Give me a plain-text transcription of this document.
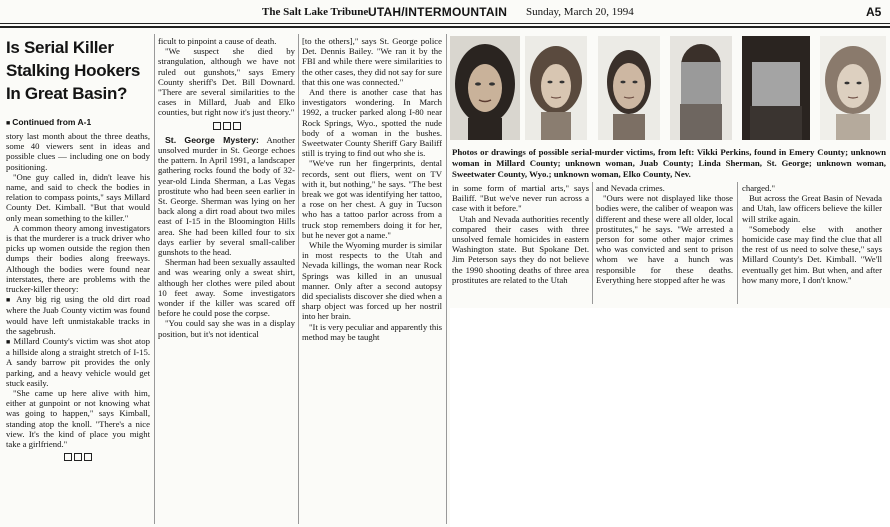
The Salt Lake Tribune UTAH/INTERMOUNTAIN Sunday, March 20, 1994	A5
Is Serial Killer Stalking Hookers In Great Basin?
■ Continued from A-1

story last month about the three deaths, some 40 viewers sent in ideas and possible clues — including one on body positioning.

"One guy called in, didn't leave his name, and said to check the bodies in relation to compass points," says Millard County Det. Kimball. "But that would only mean something to the killer."

A common theory among investigators is that the murderer is a truck driver who picks up women outside the region then dumps their bodies along freeways. Although the bodies were found near interstates, there are problems with the trucker-killer theory:

■ Any big rig using the old dirt road where the Juab County victim was found would have left unmistakable tracks in the sagebrush.

■ Millard County's victim was shot atop a hillside along a straight stretch of I-15. A sandy barrow pit provides the only parking, and a heavy vehicle would get stuck easily.

"She came up here alive with him, either at gunpoint or not knowing what was going to happen," says Kimball, standing atop the knoll. "There's a nice view. It's the kind of place you might take a girlfriend."

ficult to pinpoint a cause of death.

"We suspect she died by strangulation, although we have not ruled out gunshots," says Emery County sheriff's Det. Bill Downard. "There are several similarities to the cases in Millard, Juab and Elko counties, but right now it's just theory."

St. George Mystery: Another unsolved murder in St. George echoes the pattern. In April 1991, a landscaper gathering rocks found the body of 32-year-old Linda Sherman, a Las Vegas prostitute who had been seen earlier in St. George. Sherman was lying on her back along a dirt road about two miles east of I-15 in the Bloomington Hills area. She had been killed four to six days earlier by several small-caliber gunshots to the head.

Sherman had been sexually assaulted and was wearing only a sweat shirt, although her clothes were piled about 10 feet away. Some investigators wonder if the killer was scared off before he could pose the corpse.

"You could say she was in a display position, but it's not identical

[to the others]," says St. George police Det. Dennis Bailey. "We ran it by the FBI and while there were similarities to the other cases, they did not say for sure that this one was connected."

And there is another case that has investigators wondering. In March 1992, a trucker parked along I-80 near Rock Springs, Wyo., spotted the nude body of a woman in the bushes. Sweetwater County Sheriff Gary Bailiff still is trying to find out who she is.

"We've run her fingerprints, dental records, sent out fliers, went on TV with it, but nothing," he says. "The best break we got was identifying her tattoo, a rose on her chest. A guy in Tucson who has a tattoo parlor across from a truck stop remembers doing it for her, but he never got a name."

While the Wyoming murder is similar in most respects to the Utah and Nevada killings, the woman near Rock Springs was killed in an unusual manner. Only after a second autopsy did specialists discover she died when a sharp object was forced up her nostril into her brain.

"It is very peculiar and apparently this method may be taught

Photos or drawings of possible serial-murder victims, from left: Vikki Perkins, found in Emery County; unknown woman in Millard County; unknown woman, Juab County; Linda Sherman, St. George; unknown woman, Sweetwater County, Wyo.; unknown woman, Elko County, Nev.

in some form of martial arts," says Bailiff. "But we've never run across a case with it before."

Utah and Nevada authorities recently compared their cases with three unsolved female homicides in eastern Washington state. But Spokane Det. Jim Peterson says they do not believe the 1990 shooting deaths of three area prostitutes are related to the Utah

and Nevada crimes.

"Ours were not displayed like those bodies were, the caliber of weapon was different and these were all older, local prostitutes," he says. "We arrested a person for some other major crimes who was convicted and sent to prison whom we have a hunch was responsible for these deaths. Everything here stopped after he was

charged."

But across the Great Basin of Nevada and Utah, law officers believe the killer will strike again.

"Somebody else with another homicide case may find the clue that all the rest of us need to solve these," says Millard County's Det. Kimball. "We'll eventually get him. But when, and after how many more, I don't know."
